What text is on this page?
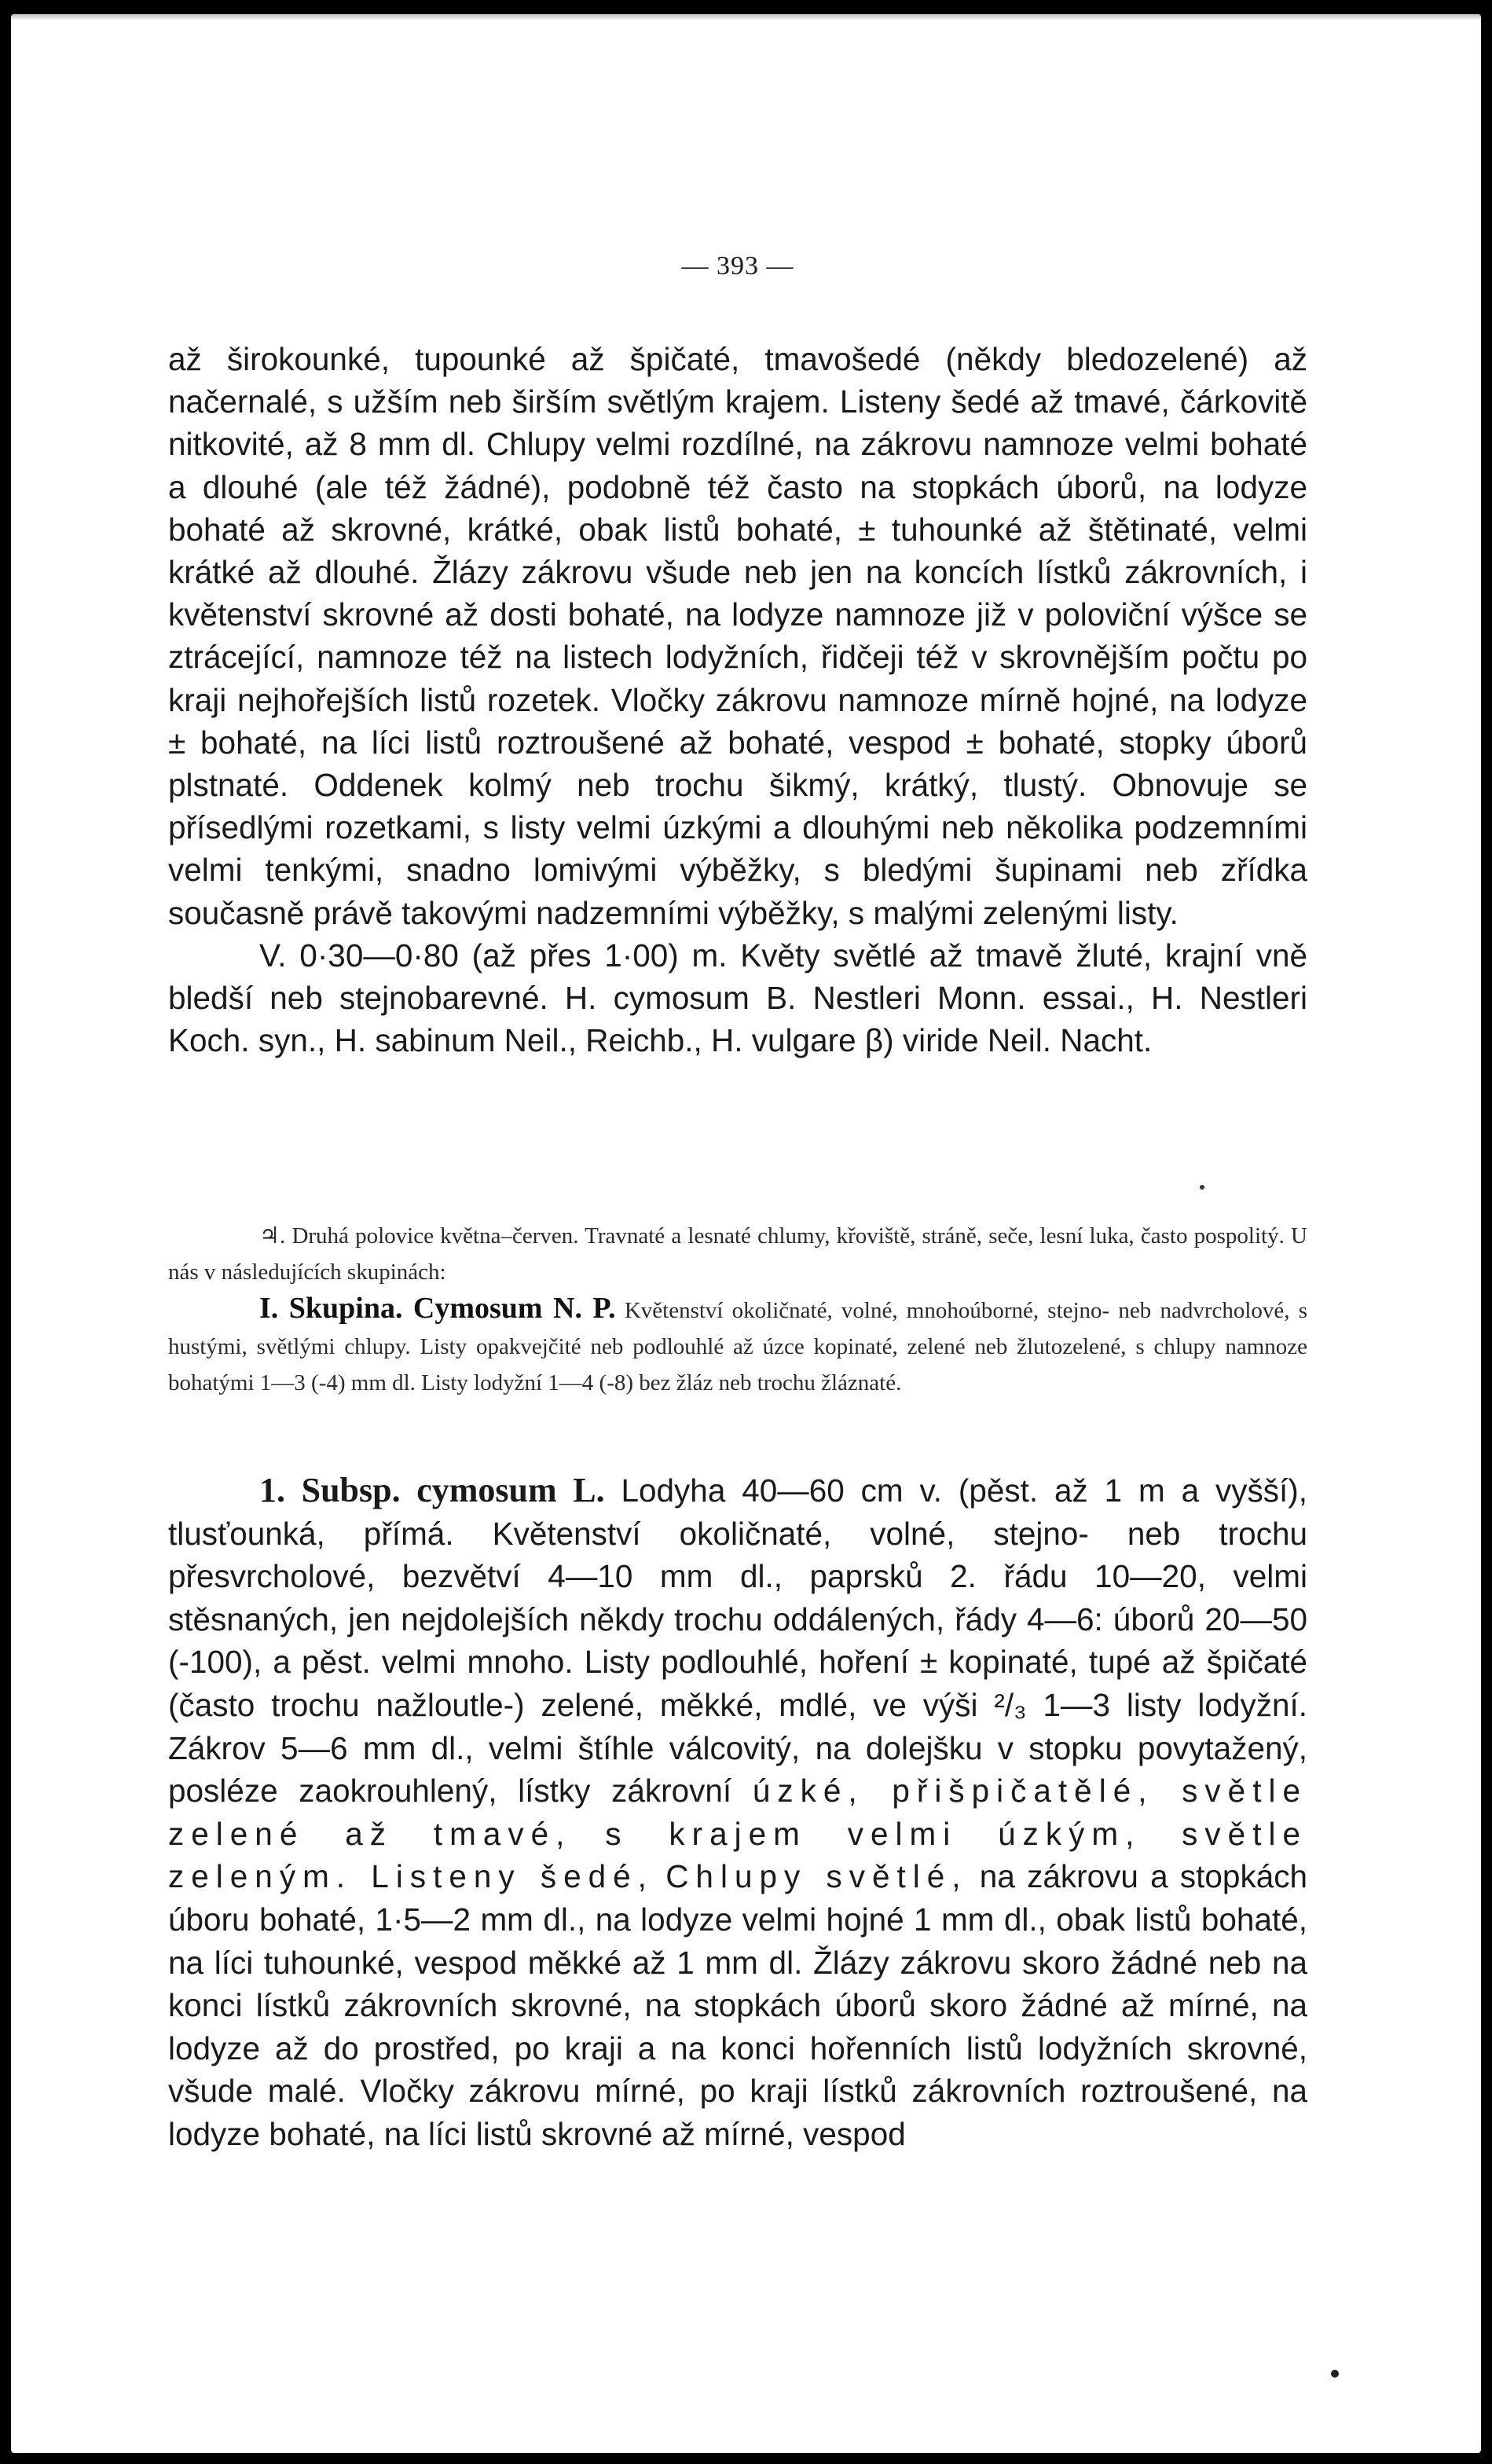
— 393 —

až širokounké, tupounké až špičaté, tmavošedé (někdy bledozelené) až načernalé, s užším neb širším světlým krajem. Listeny šedé až tmavé, čárkovitě nitkovité, až 8 mm dl. Chlupy velmi rozdílné, na zákrovu namnoze velmi bohaté a dlouhé (ale též žádné), podobně též často na stopkách úborů, na lodyze bohaté až skrovné, krátké, obak listů bohaté, ± tuhounké až štětinaté, velmi krátké až dlouhé. Žlázy zákrovu všude neb jen na koncích lístků zákrovních, i květenství skrovné až dosti bohaté, na lodyze namnoze již v poloviční výšce se ztrácející, namnoze též na listech lodyžních, řidčeji též v skrovnějším počtu po kraji nejhořejších listů rozetek. Vločky zákrovu namnoze mírně hojné, na lodyze ± bohaté, na líci listů roztroušené až bohaté, vespod ± bohaté, stopky úborů plstnaté. Oddenek kolmý neb trochu šikmý, krátký, tlustý. Obnovuje se přísedlými rozetkami, s listy velmi úzkými a dlouhými neb několika podzemními velmi tenkými, snadno lomivými výběžky, s bledými šupinami neb zřídka současně právě takovými nadzemními výběžky, s malými zelenými listy.

V. 0·30—0·80 (až přes 1·00) m. Květy světlé až tmavě žluté, krajní vně bledší neb stejnobarevné. H. cymosum B. Nestleri Monn. essai., H. Nestleri Koch. syn., H. sabinum Neil., Reichb., H. vulgare β) viride Neil. Nacht.

♃. Druhá polovice května–červen. Travnaté a lesnaté chlumy, křoviště, stráně, seče, lesní luka, často pospolitý. U nás v následujících skupinách:

I. Skupina. Cymosum N. P. Květenství okoličnaté, volné, mnohoúborné, stejno- neb nadvrcholové, s hustými, světlými chlupy. Listy opakvejčité neb podlouhlé až úzce kopinaté, zelené neb žlutozelené, s chlupy namnoze bohatými 1—3 (-4) mm dl. Listy lodyžní 1—4 (-8) bez žláz neb trochu žláznaté.

1. Subsp. cymosum L. Lodyha 40—60 cm v. (pěst. až 1 m a vyšší), tlusťounká, přímá. Květenství okoličnaté, volné, stejno- neb trochu přesvrcholové, bezvětví 4—10 mm dl., paprsků 2. řádu 10—20, velmi stěsnaných, jen nejdolejších někdy trochu oddálených, řády 4—6: úborů 20—50 (-100), a pěst. velmi mnoho. Listy podlouhlé, hoření ± kopinaté, tupé až špičaté (často trochu nažloutle-) zelené, měkké, mdlé, ve výši ²/₃ 1—3 listy lodyžní. Zákrov 5—6 mm dl., velmi štíhle válcovitý, na dolejšku v stopku povytažený, posléze zaokrouhlený, lístky zákrovní úzké, přišpičatělé, světle zelené až tmavé, s krajem velmi úzkým, světle zeleným. Listeny šedé, Chlupy světlé, na zákrovu a stopkách úboru bohaté, 1·5—2 mm dl., na lodyze velmi hojné 1 mm dl., obak listů bohaté, na líci tuhounké, vespod měkké až 1 mm dl. Žlázy zákrovu skoro žádné neb na konci lístků zákrovních skrovné, na stopkách úborů skoro žádné až mírné, na lodyze až do prostřed, po kraji a na konci hořenních listů lodyžních skrovné, všude malé. Vločky zákrovu mírné, po kraji lístků zákrovních roztroušené, na lodyze bohaté, na líci listů skrovné až mírné, vespod
